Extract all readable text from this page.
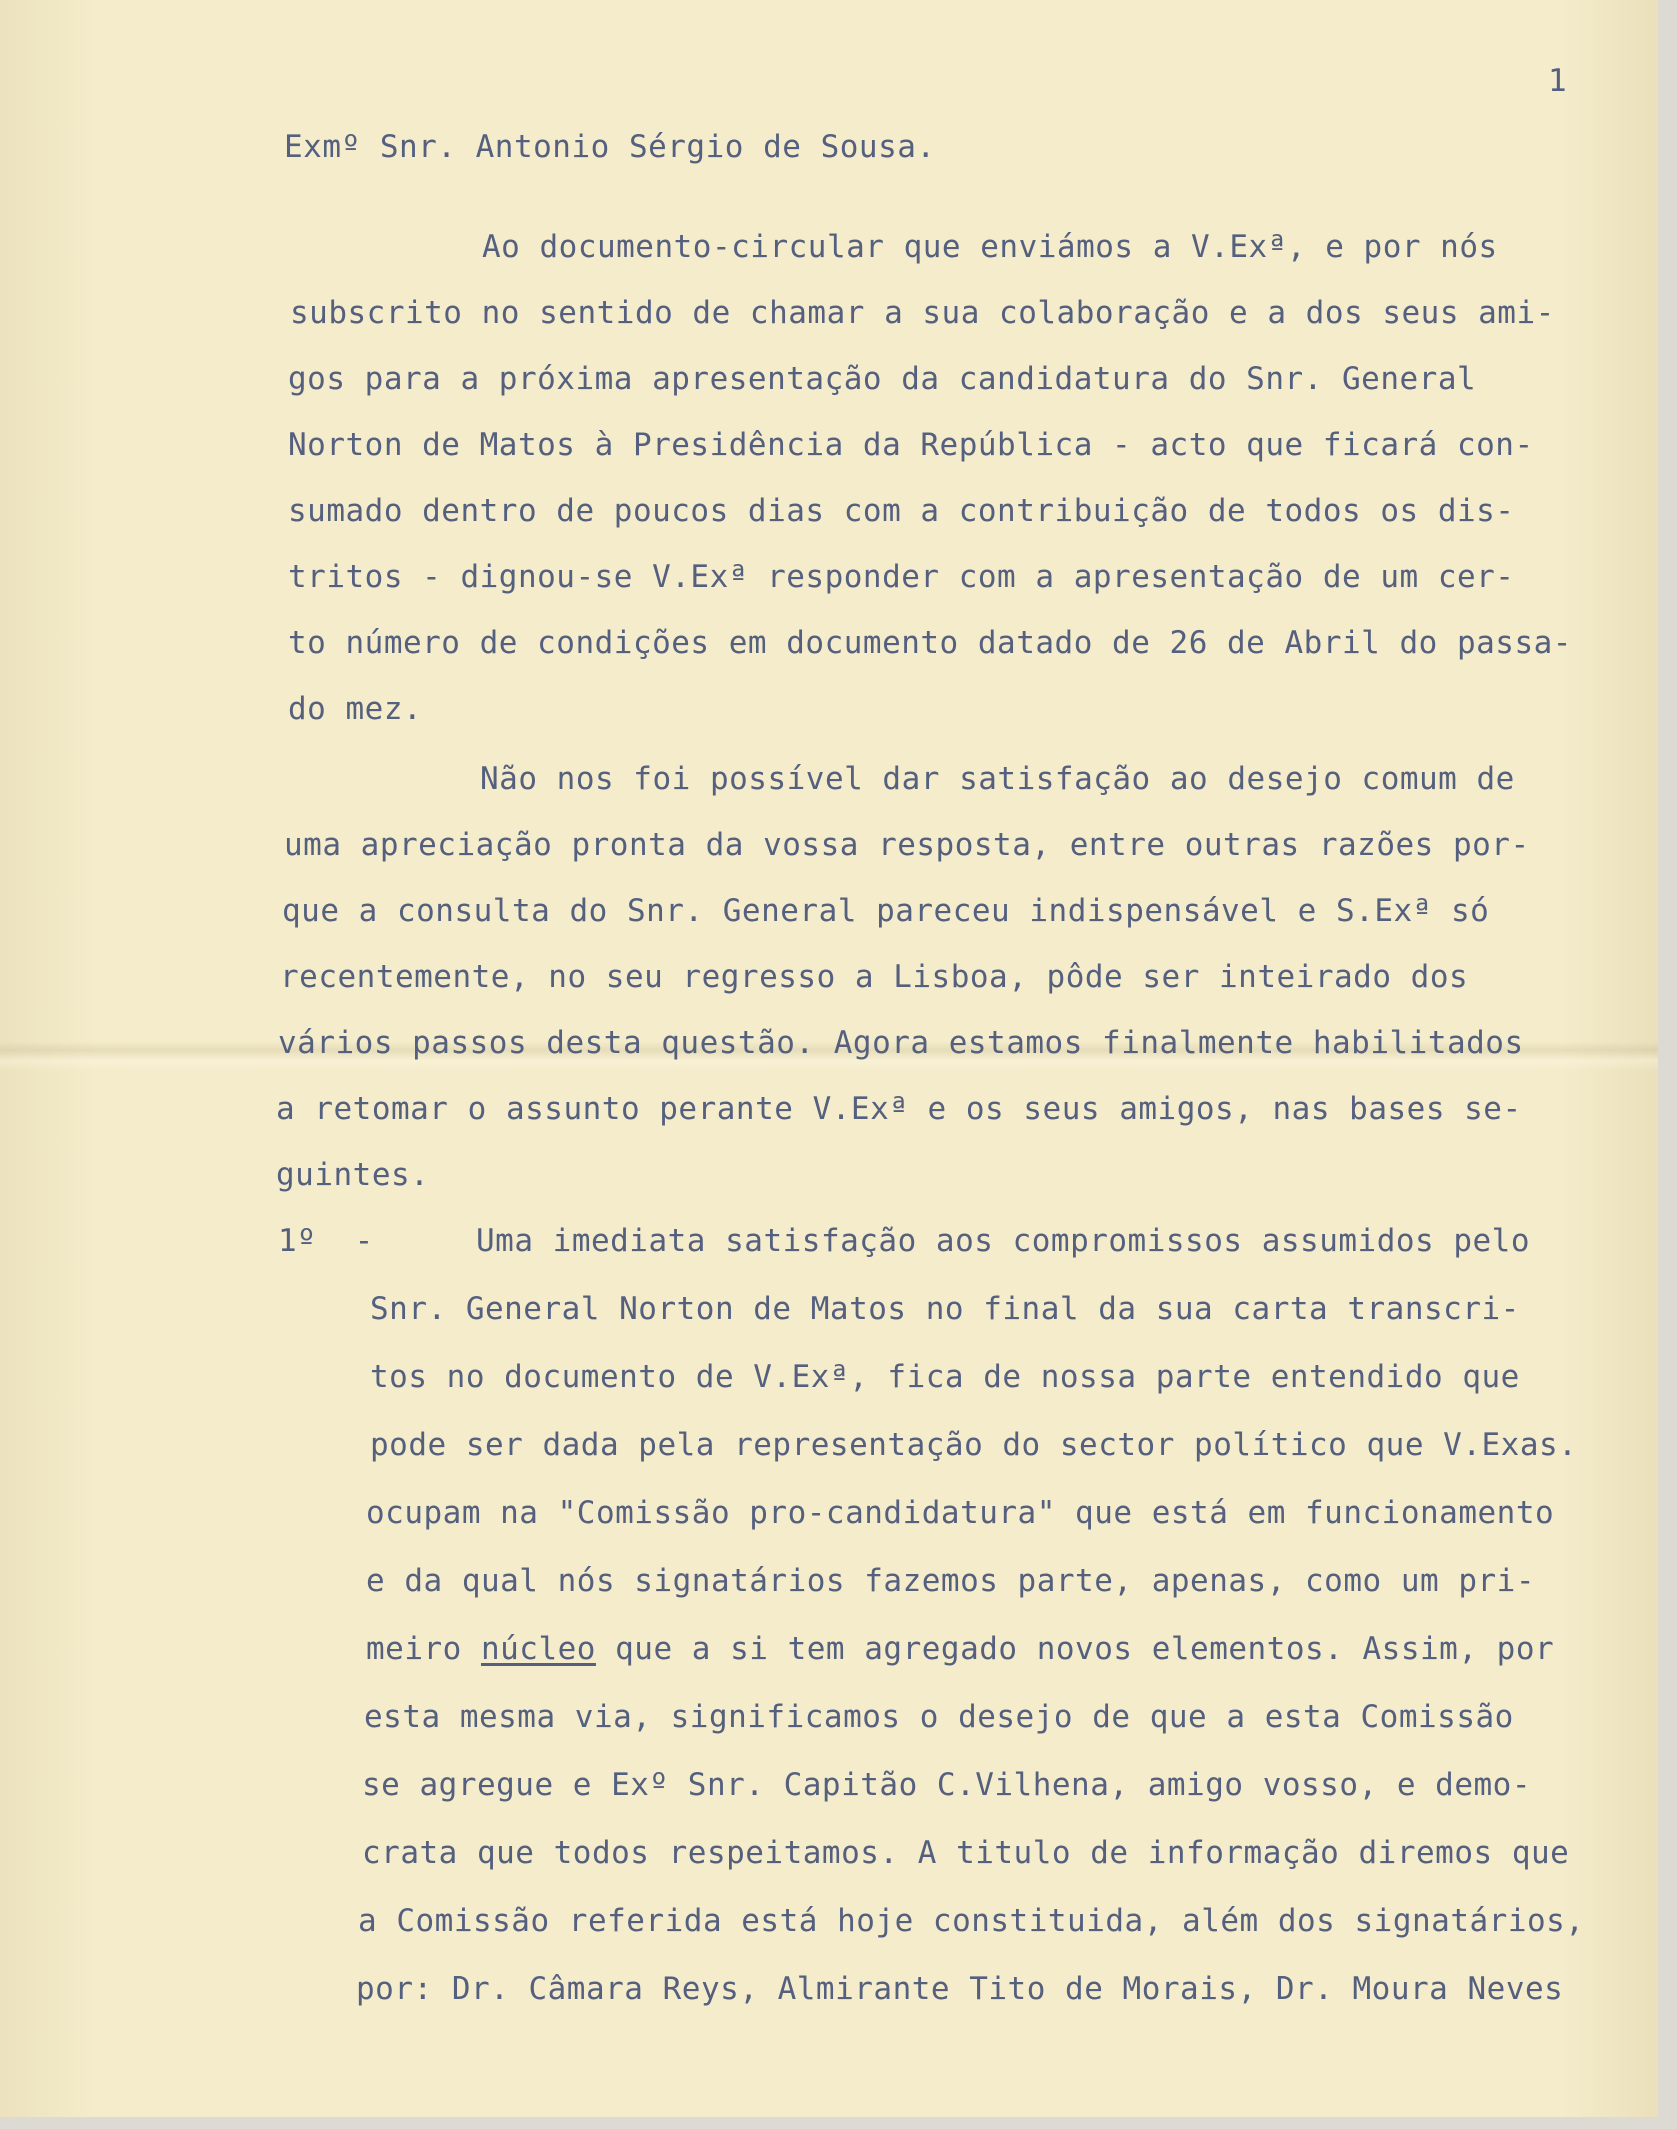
1
Exmº Snr. Antonio Sérgio de Sousa.
Ao documento-circular que enviámos a V.Exª, e por nós
subscrito no sentido de chamar a sua colaboração e a dos seus ami-
gos para a próxima apresentação da candidatura do Snr. General
Norton de Matos à Presidência da República - acto que ficará con-
sumado dentro de poucos dias com a contribuição de todos os dis-
tritos - dignou-se V.Exª responder com a apresentação de um cer-
to número de condições em documento datado de 26 de Abril do passa-
do mez.
Não nos foi possível dar satisfação ao desejo comum de
uma apreciação pronta da vossa resposta, entre outras razões por-
que a consulta do Snr. General pareceu indispensável e S.Exª só
recentemente, no seu regresso a Lisboa, pôde ser inteirado dos
vários passos desta questão. Agora estamos finalmente habilitados
a retomar o assunto perante V.Exª e os seus amigos, nas bases se-
guintes.
1º  -	Uma imediata satisfação aos compromissos assumidos pelo
Snr. General Norton de Matos no final da sua carta transcri-
tos no documento de V.Exª, fica de nossa parte entendido que
pode ser dada pela representação do sector político que V.Exas.
ocupam na "Comissão pro-candidatura" que está em funcionamento
e da qual nós signatários fazemos parte, apenas, como um pri-
meiro núcleo que a si tem agregado novos elementos. Assim, por
esta mesma via, significamos o desejo de que a esta Comissão
se agregue e Exº Snr. Capitão C.Vilhena, amigo vosso, e demo-
crata que todos respeitamos. A titulo de informação diremos que
a Comissão referida está hoje constituida, além dos signatários,
por: Dr. Câmara Reys, Almirante Tito de Morais, Dr. Moura Neves
